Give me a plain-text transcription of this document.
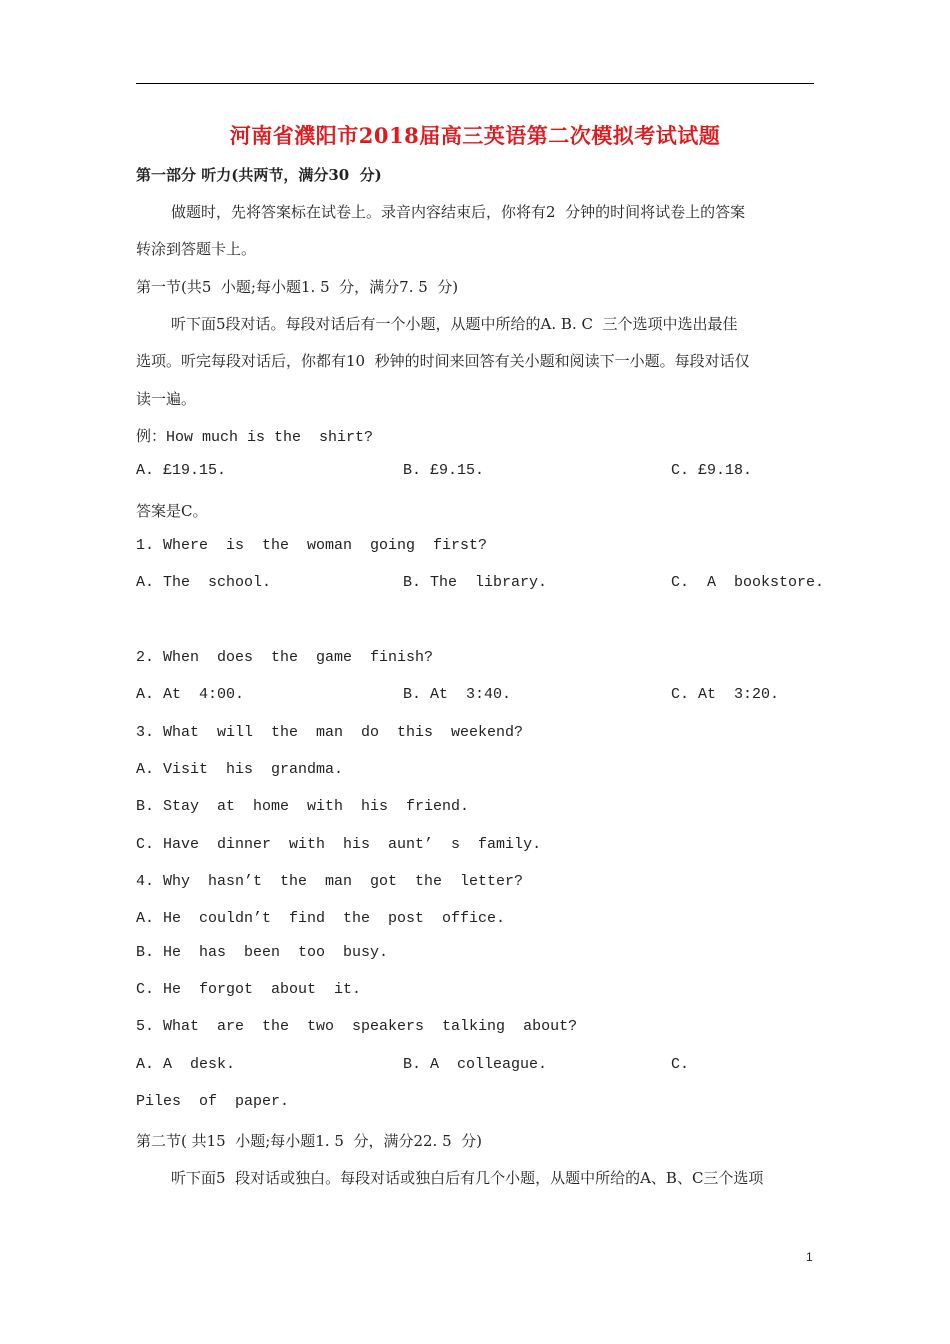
河南省濮阳市2018届高三英语第二次模拟考试试题
第一部分 听力(共两节，满分30  分)
做题时，先将答案标在试卷上。录音内容结束后，你将有2  分钟的时间将试卷上的答案
转涂到答题卡上。
第一节(共5  小题;每小题1. 5  分，满分7. 5  分)
听下面5段对话。每段对话后有一个小题，从题中所给的A. B. C  三个选项中选出最佳
选项。听完每段对话后，你都有10  秒钟的时间来回答有关小题和阅读下一小题。每段对话仅
读一遍。
例：How much is the  shirt?
A. £19.15.	B. £9.15.	C. £9.18.
答案是C。
1. Where  is  the  woman  going  first?
A. The  school.	B. The  library.	C.  A  bookstore.
2. When  does  the  game  finish?
A. At  4:00.	B. At  3:40.	C. At  3:20.
3. What  will  the  man  do  this  weekend?
A. Visit  his  grandma.
B. Stay  at  home  with  his  friend.
C. Have  dinner  with  his  aunt’  s  family.
4. Why  hasn’t  the  man  got  the  letter?
A. He  couldn’t  find  the  post  office.
B. He  has  been  too  busy.
C. He  forgot  about  it.
5. What  are  the  two  speakers  talking  about?
A. A  desk.	B. A  colleague.	C.
Piles  of  paper.
第二节( 共15  小题;每小题1. 5  分，满分22. 5  分)
听下面5  段对话或独白。每段对话或独白后有几个小题，从题中所给的A、B、C三个选项
1
